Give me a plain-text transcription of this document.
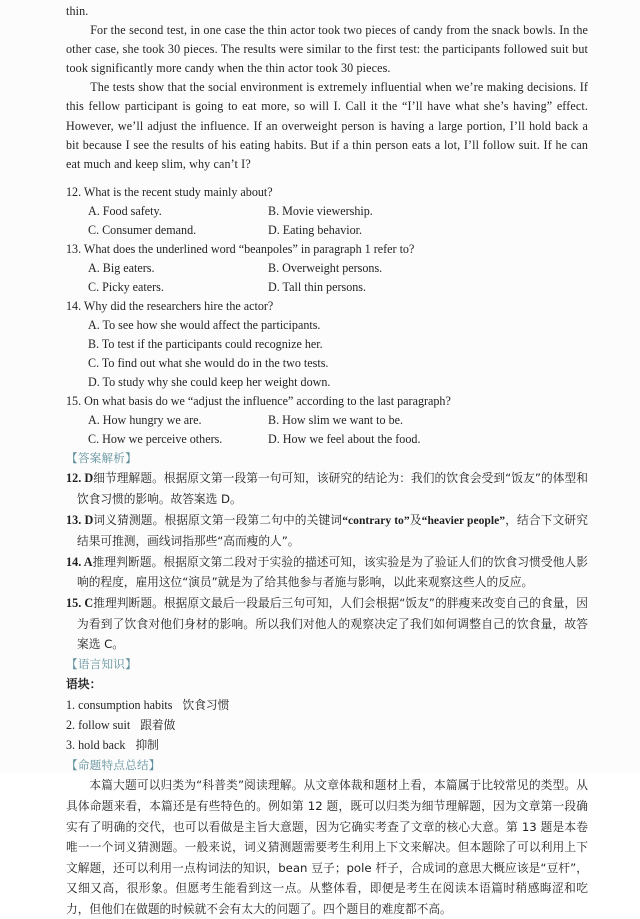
thin.

For the second test, in one case the thin actor took two pieces of candy from the snack bowls. In the other case, she took 30 pieces. The results were similar to the first test: the participants followed suit but took significantly more candy when the thin actor took 30 pieces.

The tests show that the social environment is extremely influential when we’re making decisions. If this fellow participant is going to eat more, so will I. Call it the “I’ll have what she’s having” effect. However, we’ll adjust the influence. If an overweight person is having a large portion, I’ll hold back a bit because I see the results of his eating habits. But if a thin person eats a lot, I’ll follow suit. If he can eat much and keep slim, why can’t I?

12. What is the recent study mainly about?

A. Food safety.	B. Movie viewership.
C. Consumer demand.	D. Eating behavior.

13. What does the underlined word “beanpoles” in paragraph 1 refer to?

A. Big eaters.	B. Overweight persons.
C. Picky eaters.	D. Tall thin persons.

14. Why did the researchers hire the actor?

A. To see how she would affect the participants.
B. To test if the participants could recognize her.
C. To find out what she would do in the two tests.
D. To study why she could keep her weight down.

15. On what basis do we “adjust the influence” according to the last paragraph?

A. How hungry we are.	B. How slim we want to be.
C. How we perceive others.	D. How we feel about the food.

【答案解析】

12. D细节理解题。根据原文第一段第一句可知，该研究的结论为：我们的饮食会受到“饭友”的体型和饮食习惯的影响。故答案选 D。

13. D词义猜测题。根据原文第一段第二句中的关键词“contrary to”及“heavier people”，结合下文研究结果可推测，画线词指那些“高而瘦的人”。

14. A推理判断题。根据原文第二段对于实验的描述可知，该实验是为了验证人们的饮食习惯受他人影响的程度，雇用这位“演员”就是为了给其他参与者施与影响，以此来观察这些人的反应。

15. C推理判断题。根据原文最后一段最后三句可知，人们会根据“饭友”的胖瘦来改变自己的食量，因为看到了饮食对他们身材的影响。所以我们对他人的观察决定了我们如何调整自己的饮食量，故答案选 C。

【语言知识】

语块：

1. consumption habits 饮食习惯

2. follow suit 跟着做

3. hold back 抑制

【命题特点总结】

本篇大题可以归类为“科普类”阅读理解。从文章体裁和题材上看，本篇属于比较常见的类型。从具体命题来看，本篇还是有些特色的。例如第 12 题，既可以归类为细节理解题，因为文章第一段确实有了明确的交代，也可以看做是主旨大意题，因为它确实考查了文章的核心大意。第 13 题是本卷唯一一个词义猜测题。一般来说，词义猜测题需要考生利用上下文来解决。但本题除了可以利用上下文解题，还可以利用一点构词法的知识，bean 豆子；pole 杆子，合成词的意思大概应该是“豆杆”，又细又高，很形象。但愿考生能看到这一点。从整体看，即便是考生在阅读本语篇时稍感晦涩和吃力，但他们在做题的时候就不会有太大的问题了。四个题目的难度都不高。
